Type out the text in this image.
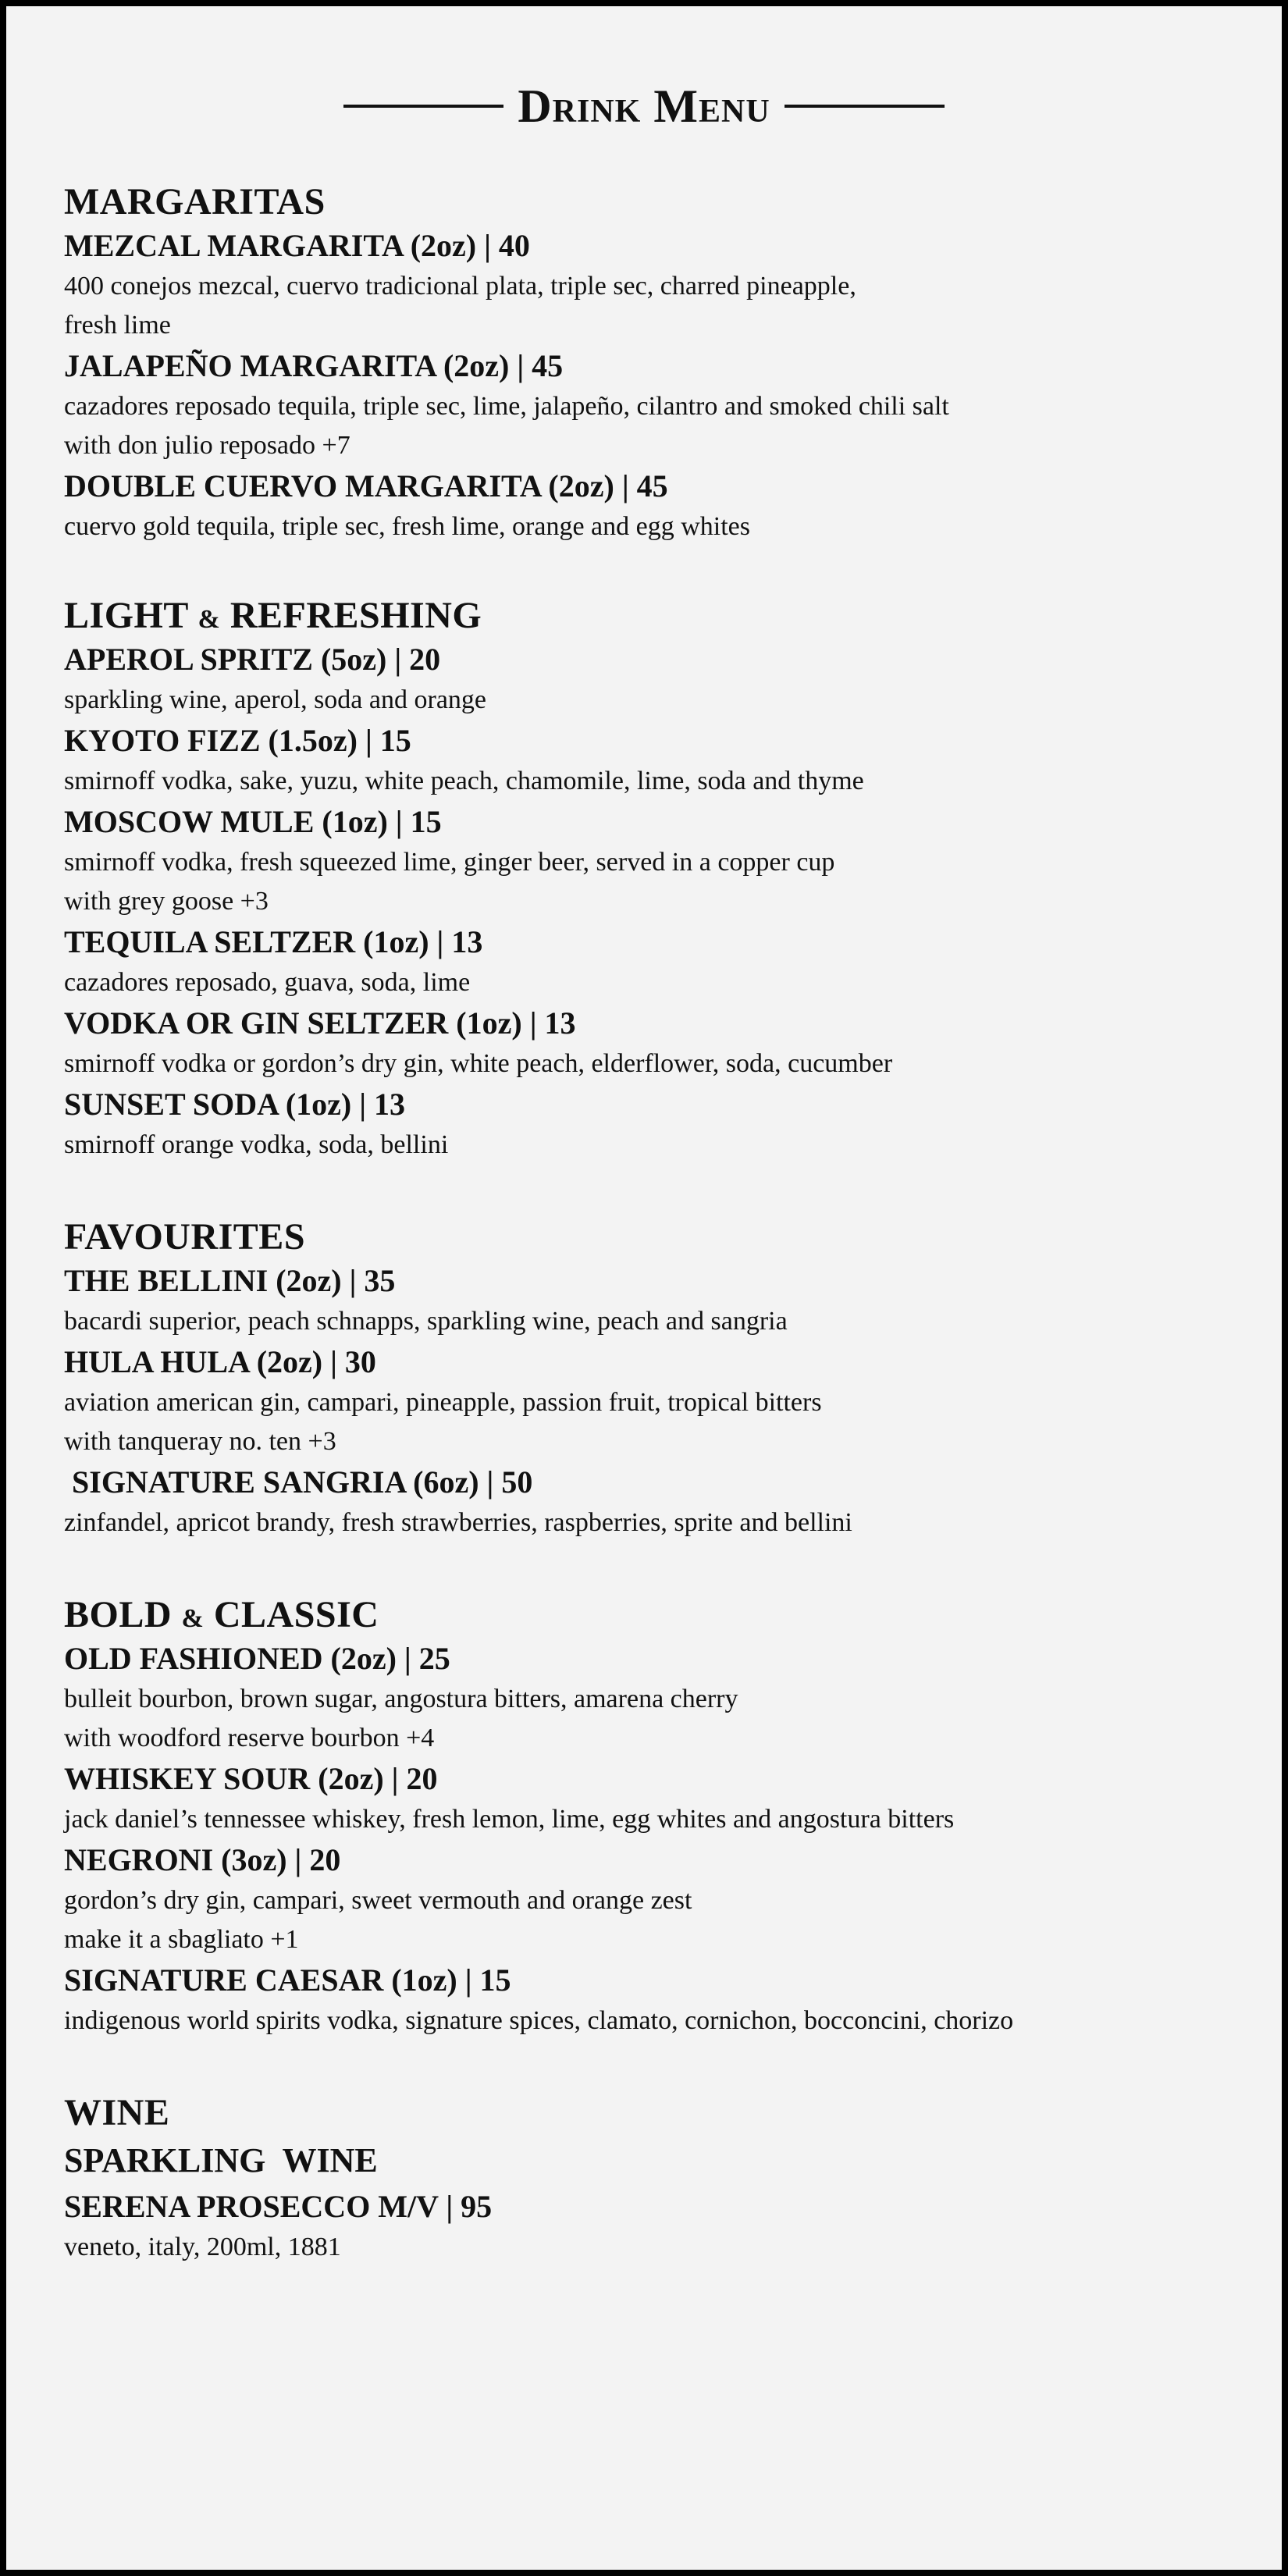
Drink Menu
MARGARITAS
MEZCAL MARGARITA (2oz) | 40
400 conejos mezcal, cuervo tradicional plata, triple sec, charred pineapple,
fresh lime
JALAPEÑO MARGARITA (2oz) | 45
cazadores reposado tequila, triple sec, lime, jalapeño, cilantro and smoked chili salt
with don julio reposado +7
DOUBLE CUERVO MARGARITA (2oz) | 45
cuervo gold tequila, triple sec, fresh lime, orange and egg whites
LIGHT & REFRESHING
APEROL SPRITZ (5oz) | 20
sparkling wine, aperol, soda and orange
KYOTO FIZZ (1.5oz) | 15
smirnoff vodka, sake, yuzu, white peach, chamomile, lime, soda and thyme
MOSCOW MULE (1oz) | 15
smirnoff vodka, fresh squeezed lime, ginger beer, served in a copper cup
with grey goose +3
TEQUILA SELTZER (1oz) | 13
cazadores reposado, guava, soda, lime
VODKA OR GIN SELTZER (1oz) | 13
smirnoff vodka or gordon’s dry gin, white peach, elderflower, soda, cucumber
SUNSET SODA (1oz) | 13
smirnoff orange vodka, soda, bellini
FAVOURITES
THE BELLINI (2oz) | 35
bacardi superior, peach schnapps, sparkling wine, peach and sangria
HULA HULA (2oz) | 30
aviation american gin, campari, pineapple, passion fruit, tropical bitters
with tanqueray no. ten +3
SIGNATURE SANGRIA (6oz) | 50
zinfandel, apricot brandy, fresh strawberries, raspberries, sprite and bellini
BOLD & CLASSIC
OLD FASHIONED (2oz) | 25
bulleit bourbon, brown sugar, angostura bitters, amarena cherry
with woodford reserve bourbon +4
WHISKEY SOUR (2oz) | 20
jack daniel’s tennessee whiskey, fresh lemon, lime, egg whites and angostura bitters
NEGRONI (3oz) | 20
gordon’s dry gin, campari, sweet vermouth and orange zest
make it a sbagliato +1
SIGNATURE CAESAR (1oz) | 15
indigenous world spirits vodka, signature spices, clamato, cornichon, bocconcini, chorizo
WINE
SPARKLING  WINE
SERENA PROSECCO M/V | 95
veneto, italy, 200ml, 1881
